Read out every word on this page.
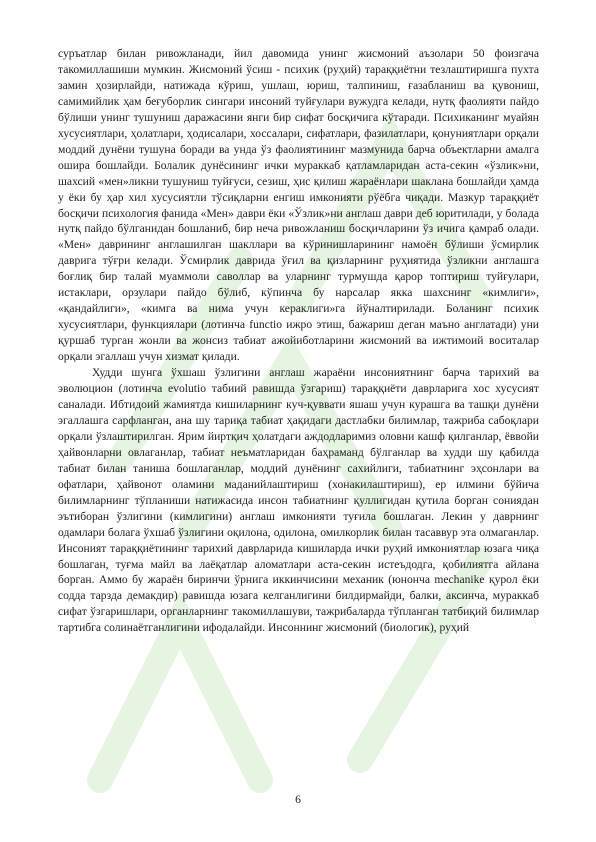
суръатлар билан ривожланади, йил давомида унинг жисмоний аъзолари 50 фоизгача такомиллашиши мумкин. Жисмоний ўсиш - психик (руҳий) тараққиётни тезлаштиришга пухта замин ҳозирлайди, натижада кўриш, ушлаш, юриш, талпиниш, ғазабланиш ва қувониш, самимийлик ҳам беғуборлик сингари инсоний туйғулари вужудга келади, нутқ фаолияти пайдо бўлиши унинг тушуниш даражасини янги бир сифат босқичига кўтаради. Психиканинг муайян хусусиятлари, ҳолатлари, ҳодисалари, хоссалари, сифатлари, фазилатлари, қонуниятлари орқали моддий дунёни тушуна боради ва унда ўз фаолиятининг мазмунида барча объектларни амалга ошира бошлайди. Болалик дунёсининг ички мураккаб қатламларидан аста-секин «ўзлик»ни, шахсий «мен»ликни тушуниш туйғуси, сезиш, ҳис қилиш жараёнлари шаклана бошлайди ҳамда у ёки бу ҳар хил хусусиятли тўсиқларни енгиш имконияти рўёбга чиқади. Мазкур тараққиёт босқичи психология фанида «Мен» даври ёки «Ўзлик»ни англаш даври деб юритилади, у болада нутқ пайдо бўлганидан бошланиб, бир неча ривожланиш босқичларини ўз ичига қамраб олади. «Мен» даврининг англашилган шакллари ва кўринишларининг намоён бўлиши ўсмирлик даврига тўғри келади. Ўсмирлик даврида ўғил ва қизларнинг руҳиятида ўзликни англашга боғлиқ бир талай муаммоли саволлар ва уларнинг турмушда қарор топтириш туйғулари, истаклари, орзулари пайдо бўлиб, кўпинча бу нарсалар якка шахснинг «кимлиги», «қандайлиги», «кимга ва нима учун кераклиги»га йўналтирилади. Боланинг психик хусусиятлари, функциялари (лотинча functio ижро этиш, бажариш деган маъно англатади) уни қуршаб турган жонли ва жонсиз табиат ажойиботларини жисмоний ва ижтимоий воситалар орқали эгаллаш учун хизмат қилади.

Худди шунга ўхшаш ўзлигини англаш жараёни инсониятнинг барча тарихий ва эволюцион (лотинча evolutio табиий равишда ўзгариш) тараққиёти даврларига хос хусусият саналади. Ибтидоий жамиятда кишиларнинг куч-қуввати яшаш учун курашга ва ташқи дунёни эгаллашга сарфланган, ана шу тариқа табиат ҳақидаги дастлабки билимлар, тажриба сабоқлари орқали ўзлаштирилган. Ярим йиртқич ҳолатдаги аждодларимиз оловни кашф қилганлар, ёввойи ҳайвонларни овлаганлар, табиат неъматларидан баҳраманд бўлганлар ва худди шу қабилда табиат билан таниша бошлаганлар, моддий дунёнинг сахийлиги, табиатнинг эҳсонлари ва офатлари, ҳайвонот оламини маданийлаштириш (хонакилаштириш), ер илмини бўйича билимларнинг тўпланиши натижасида инсон табиатнинг қуллигидан қутила борган сониядан эътиборан ўзлигини (кимлигини) англаш имконияти туғила бошлаган. Лекин у даврнинг одамлари болага ўхшаб ўзлигини оқилона, одилона, омилкорлик билан тасаввур эта олмаганлар. Инсоният тараққиётининг тарихий даврларида кишиларда ички руҳий имкониятлар юзага чиқа бошлаган, туғма майл ва лаёқатлар аломатлари аста-секин истеъдодга, қобилиятга айлана борган. Аммо бу жараён биринчи ўрнига иккинчисини механик (юнонча mechanike қурол ёки содда тарзда демакдир) равишда юзага келганлигини билдирмайди, балки, аксинча, мураккаб сифат ўзгаришлари, органларнинг такомиллашуви, тажрибаларда тўпланган татбиқий билимлар тартибга солинаётганлигини ифодалайди. Инсоннинг жисмоний (биологик), руҳий

6
